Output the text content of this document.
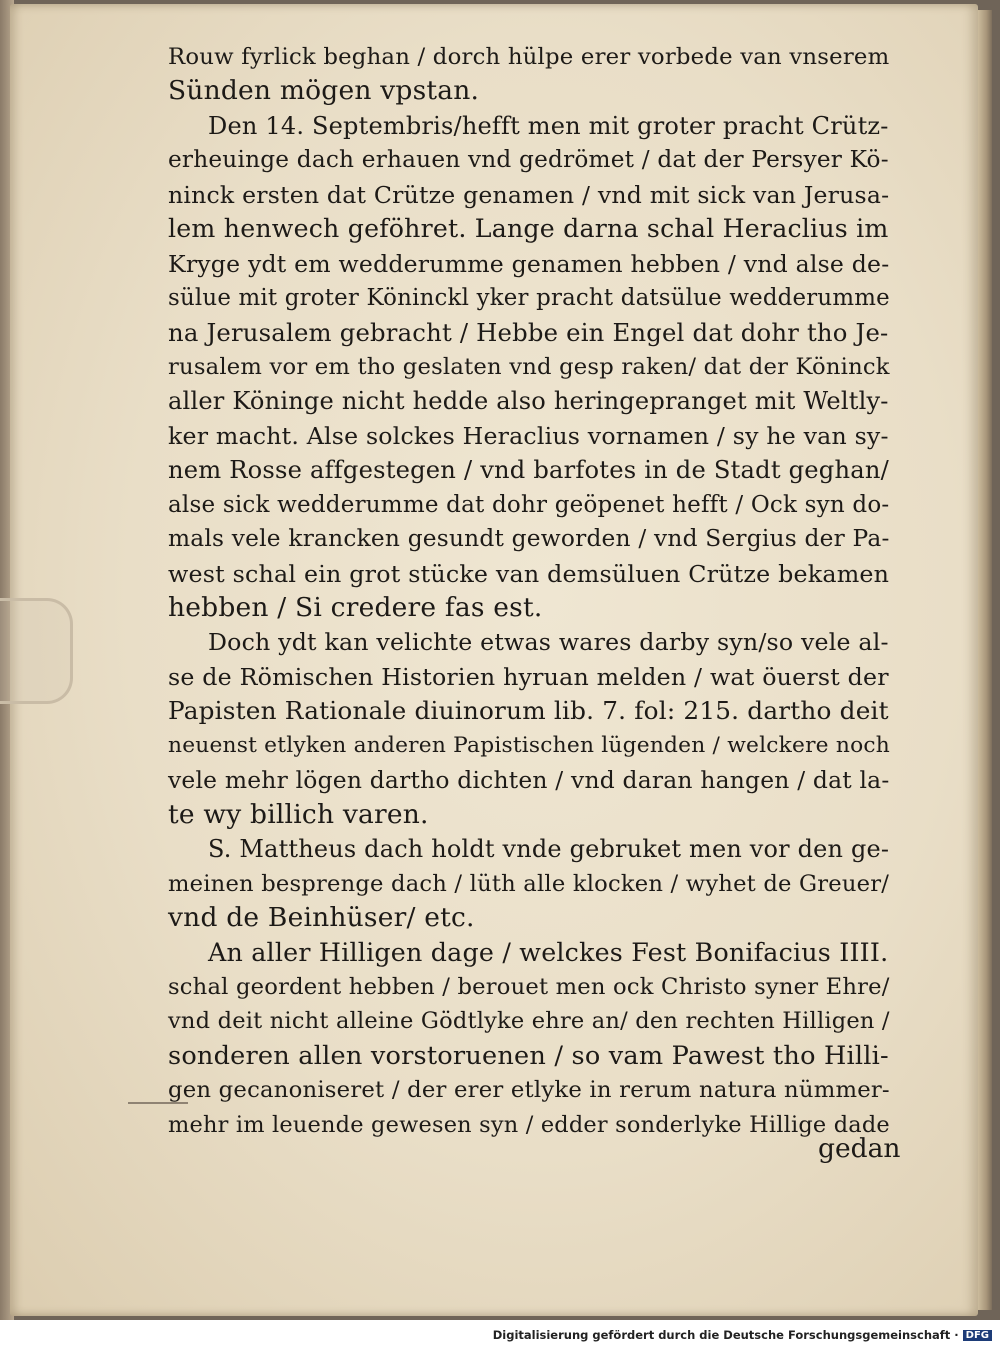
Rouw fyrlick beghan / dorch hülpe erer vorbede van vnserem
Sünden mögen vpstan.
Den 14. Septembris/hefft men mit groter pracht Crütz-
erheuinge dach erhauen vnd gedrömet / dat der Persyer Kö-
ninck ersten dat Crütze genamen / vnd mit sick van Jerusa-
lem henwech geföhret. Lange darna schal Heraclius im
Kryge ydt em wedderumme genamen hebben / vnd alse de-
sülue mit groter Köninckl yker pracht datsülue wedderumme
na Jerusalem gebracht / Hebbe ein Engel dat dohr tho Je-
rusalem vor em tho geslaten vnd gesp raken/ dat der Köninck
aller Köninge nicht hedde also heringepranget mit Weltly-
ker macht. Alse solckes Heraclius vornamen / sy he van sy-
nem Rosse affgestegen / vnd barfotes in de Stadt geghan/
alse sick wedderumme dat dohr geöpenet hefft / Ock syn do-
mals vele krancken gesundt geworden / vnd Sergius der Pa-
west schal ein grot stücke van demsüluen Crütze bekamen
hebben / Si credere fas est.
Doch ydt kan velichte etwas wares darby syn/so vele al-
se de Römischen Historien hyruan melden / wat öuerst der
Papisten Rationale diuinorum lib. 7. fol: 215. dartho deit
neuenst etlyken anderen Papistischen lügenden / welckere noch
vele mehr lögen dartho dichten / vnd daran hangen / dat la-
te wy billich varen.
S. Mattheus dach holdt vnde gebruket men vor den ge-
meinen besprenge dach / lüth alle klocken / wyhet de Greuer/
vnd de Beinhüser/ etc.
An aller Hilligen dage / welckes Fest Bonifacius IIII.
schal geordent hebben / berouet men ock Christo syner Ehre/
vnd deit nicht alleine Gödtlyke ehre an/ den rechten Hilligen /
sonderen allen vorstoruenen / so vam Pawest tho Hilli-
gen gecanoniseret / der erer etlyke in rerum natura nümmer-
mehr im leuende gewesen syn / edder sonderlyke Hillige dade
gedan
Digitalisierung gefördert durch die Deutsche Forschungsgemeinschaft · DFG
